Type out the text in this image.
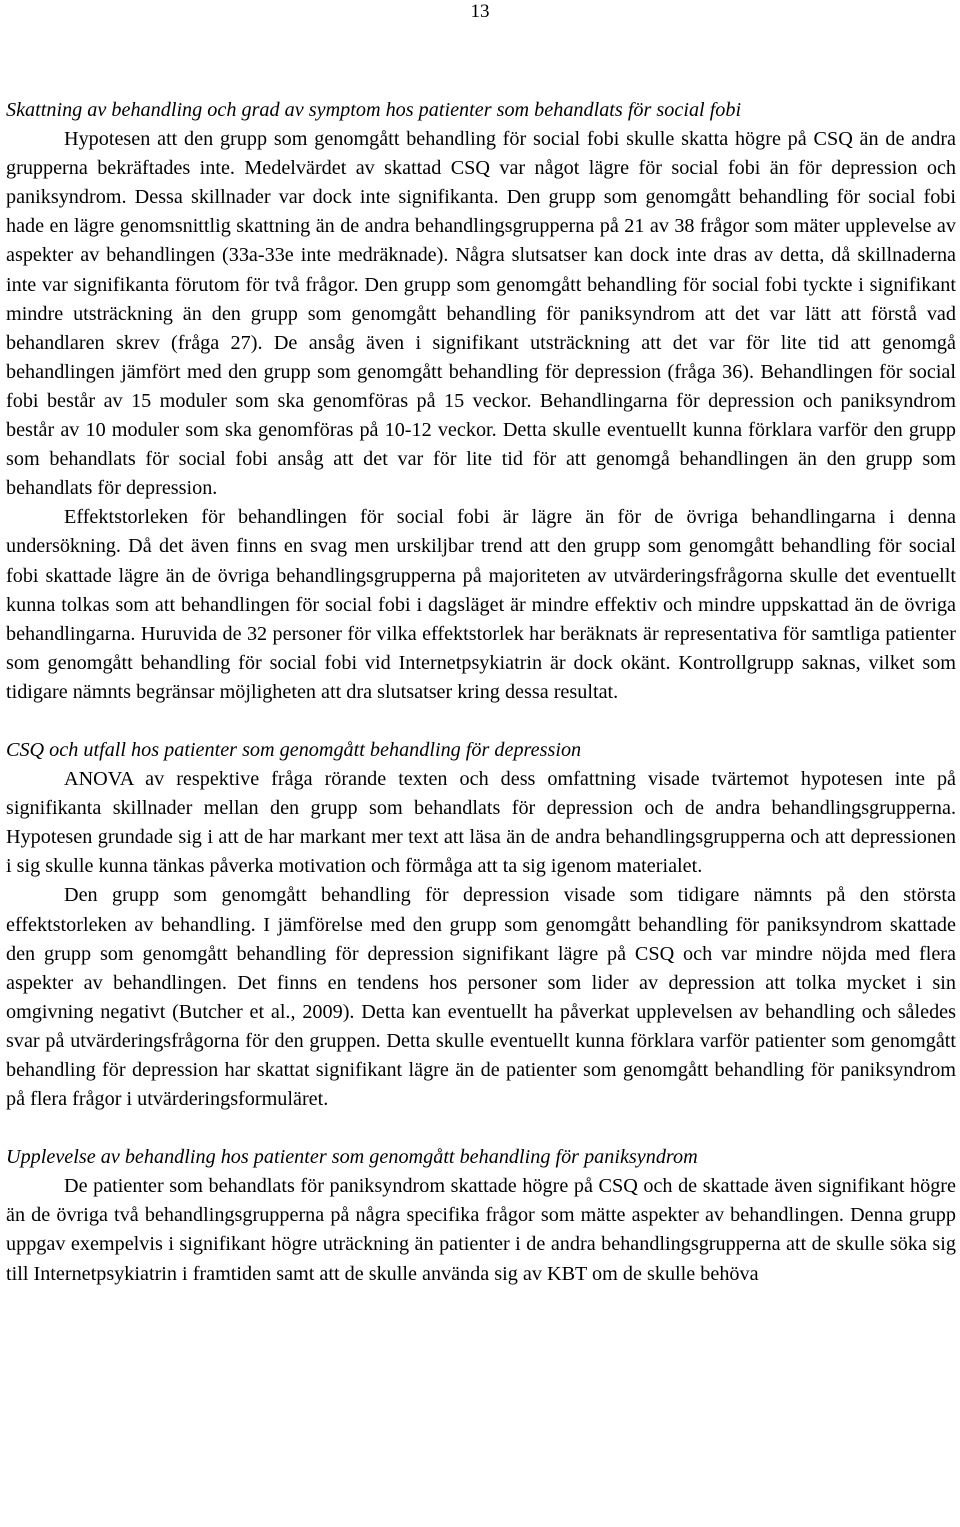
13

Skattning av behandling och grad av symptom hos patienter som behandlats för social fobi

Hypotesen att den grupp som genomgått behandling för social fobi skulle skatta högre på CSQ än de andra grupperna bekräftades inte. Medelvärdet av skattad CSQ var något lägre för social fobi än för depression och paniksyndrom. Dessa skillnader var dock inte signifikanta. Den grupp som genomgått behandling för social fobi hade en lägre genomsnittlig skattning än de andra behandlingsgrupperna på 21 av 38 frågor som mäter upplevelse av aspekter av behandlingen (33a-33e inte medräknade). Några slutsatser kan dock inte dras av detta, då skillnaderna inte var signifikanta förutom för två frågor. Den grupp som genomgått behandling för social fobi tyckte i signifikant mindre utsträckning än den grupp som genomgått behandling för paniksyndrom att det var lätt att förstå vad behandlaren skrev (fråga 27). De ansåg även i signifikant utsträckning att det var för lite tid att genomgå behandlingen jämfört med den grupp som genomgått behandling för depression (fråga 36). Behandlingen för social fobi består av 15 moduler som ska genomföras på 15 veckor. Behandlingarna för depression och paniksyndrom består av 10 moduler som ska genomföras på 10-12 veckor. Detta skulle eventuellt kunna förklara varför den grupp som behandlats för social fobi ansåg att det var för lite tid för att genomgå behandlingen än den grupp som behandlats för depression.

Effektstorleken för behandlingen för social fobi är lägre än för de övriga behandlingarna i denna undersökning. Då det även finns en svag men urskiljbar trend att den grupp som genomgått behandling för social fobi skattade lägre än de övriga behandlingsgrupperna på majoriteten av utvärderingsfrågorna skulle det eventuellt kunna tolkas som att behandlingen för social fobi i dagsläget är mindre effektiv och mindre uppskattad än de övriga behandlingarna. Huruvida de 32 personer för vilka effektstorlek har beräknats är representativa för samtliga patienter som genomgått behandling för social fobi vid Internetpsykiatrin är dock okänt. Kontrollgrupp saknas, vilket som tidigare nämnts begränsar möjligheten att dra slutsatser kring dessa resultat.

CSQ och utfall hos patienter som genomgått behandling för depression

ANOVA av respektive fråga rörande texten och dess omfattning visade tvärtemot hypotesen inte på signifikanta skillnader mellan den grupp som behandlats för depression och de andra behandlingsgrupperna. Hypotesen grundade sig i att de har markant mer text att läsa än de andra behandlingsgrupperna och att depressionen i sig skulle kunna tänkas påverka motivation och förmåga att ta sig igenom materialet.

Den grupp som genomgått behandling för depression visade som tidigare nämnts på den största effektstorleken av behandling. I jämförelse med den grupp som genomgått behandling för paniksyndrom skattade den grupp som genomgått behandling för depression signifikant lägre på CSQ och var mindre nöjda med flera aspekter av behandlingen. Det finns en tendens hos personer som lider av depression att tolka mycket i sin omgivning negativt (Butcher et al., 2009). Detta kan eventuellt ha påverkat upplevelsen av behandling och således svar på utvärderingsfrågorna för den gruppen. Detta skulle eventuellt kunna förklara varför patienter som genomgått behandling för depression har skattat signifikant lägre än de patienter som genomgått behandling för paniksyndrom på flera frågor i utvärderingsformuläret.

Upplevelse av behandling hos patienter som genomgått behandling för paniksyndrom

De patienter som behandlats för paniksyndrom skattade högre på CSQ och de skattade även signifikant högre än de övriga två behandlingsgrupperna på några specifika frågor som mätte aspekter av behandlingen. Denna grupp uppgav exempelvis i signifikant högre uträckning än patienter i de andra behandlingsgrupperna att de skulle söka sig till Internetpsykiatrin i framtiden samt att de skulle använda sig av KBT om de skulle behöva
